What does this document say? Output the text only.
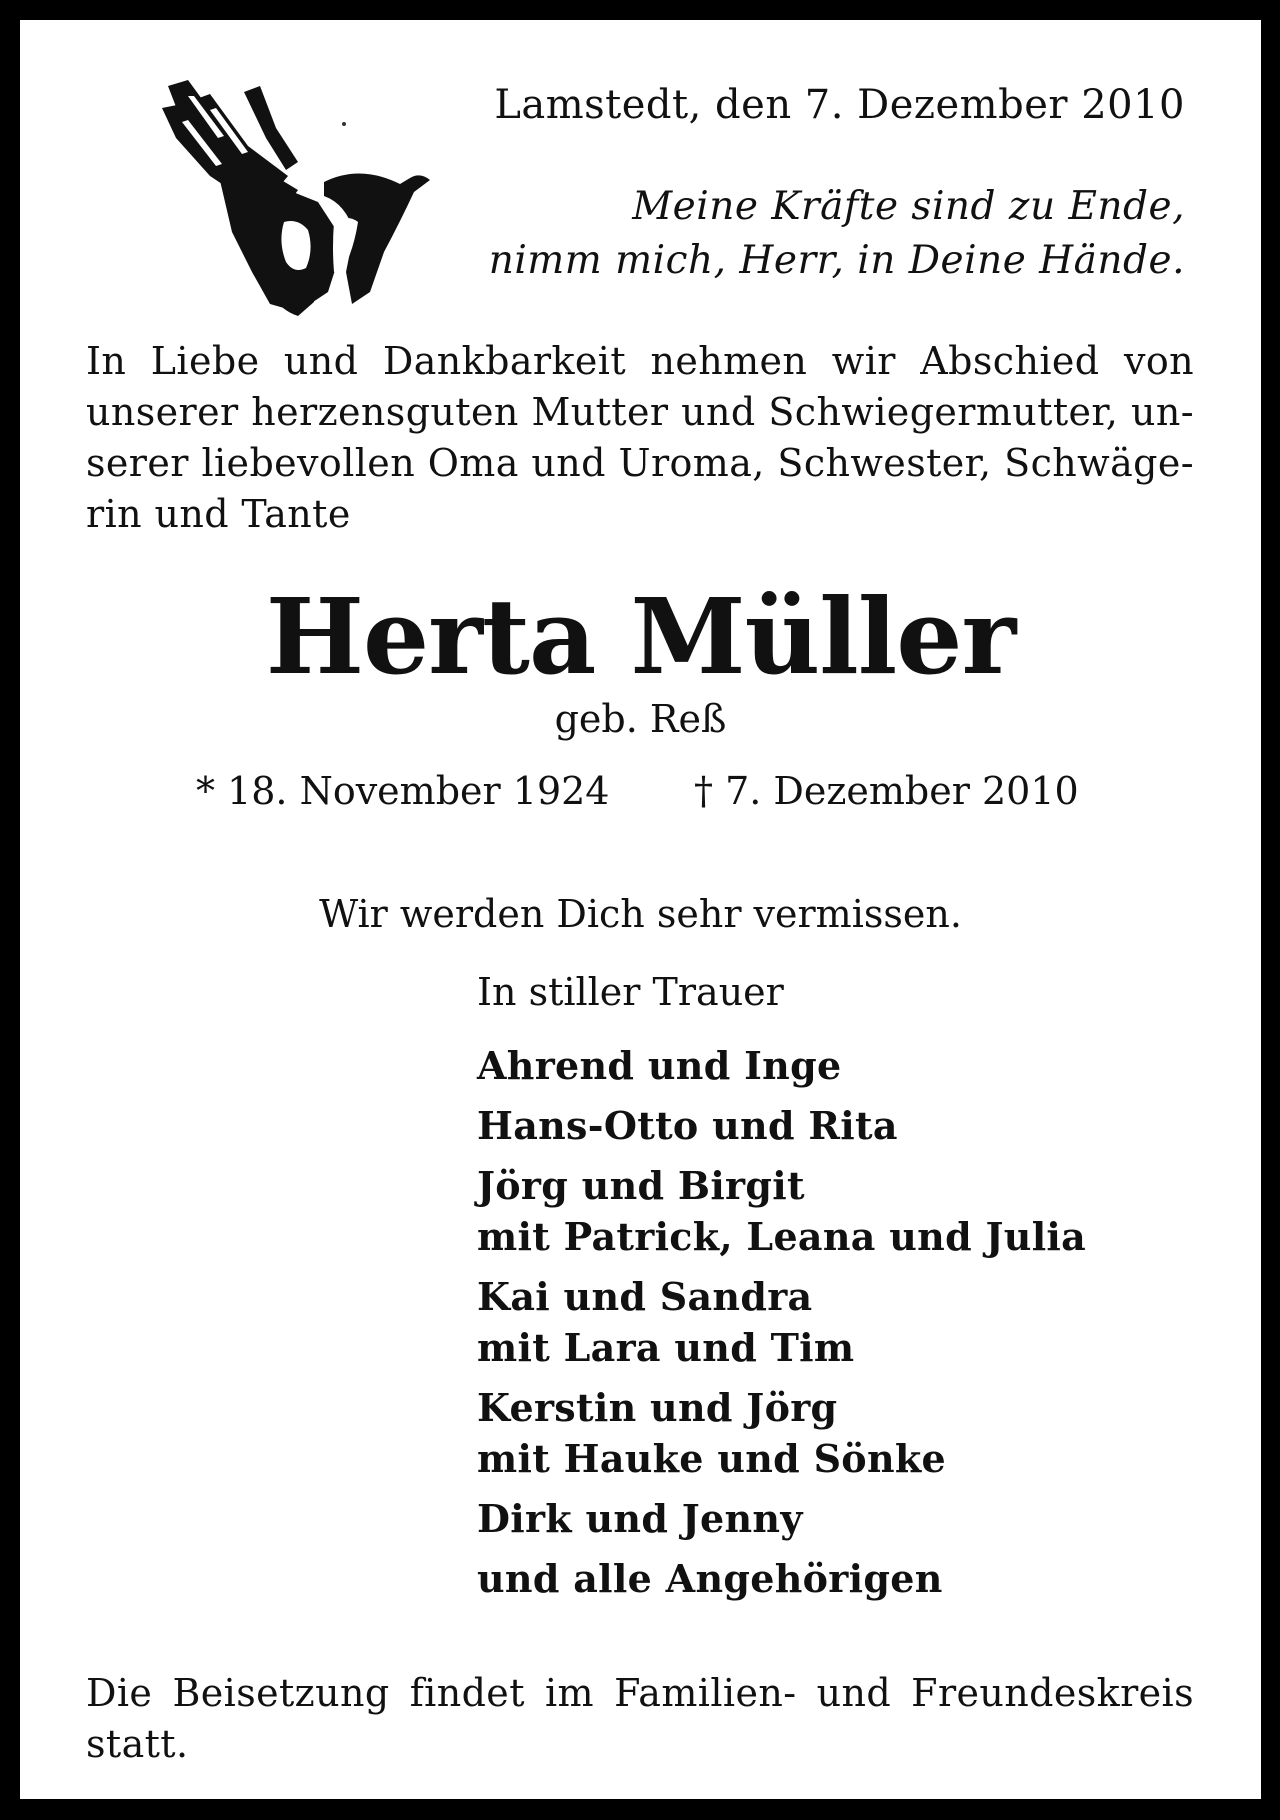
Lamstedt, den 7. Dezember 2010
Meine Kräfte sind zu Ende,
nimm mich, Herr, in Deine Hände.
In Liebe und Dankbarkeit nehmen wir Abschied von
unserer herzensguten Mutter und Schwiegermutter, un-
serer liebevollen Oma und Uroma, Schwester, Schwäge-
rin und Tante
Herta Müller
geb. Reß
* 18. November 1924 † 7. Dezember 2010
Wir werden Dich sehr vermissen.
In stiller Trauer
Ahrend und Inge
Hans-Otto und Rita
Jörg und Birgit
mit Patrick, Leana und Julia
Kai und Sandra
mit Lara und Tim
Kerstin und Jörg
mit Hauke und Sönke
Dirk und Jenny
und alle Angehörigen
Die Beisetzung findet im Familien- und Freundeskreis
statt.
